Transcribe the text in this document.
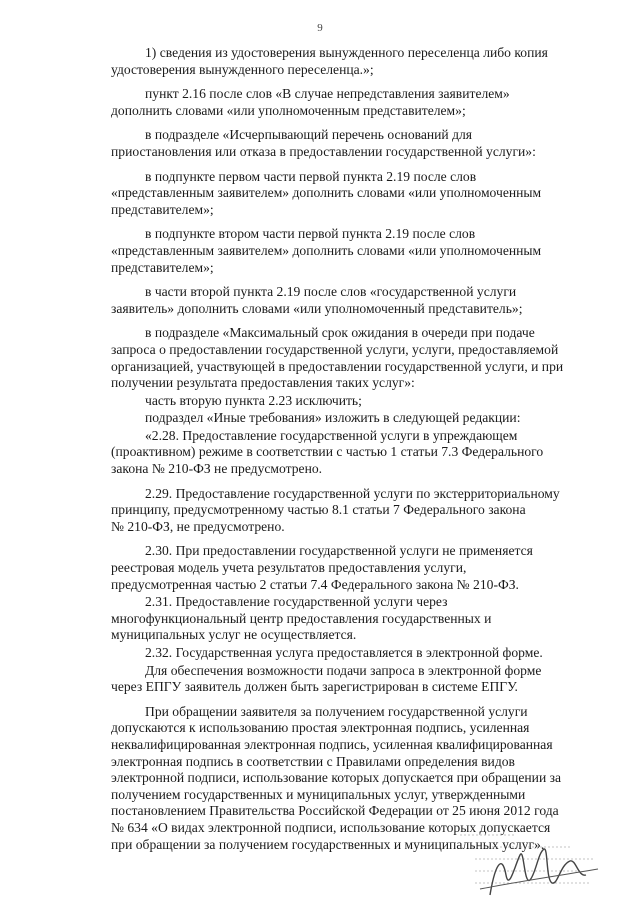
9

1) сведения из удостоверения вынужденного переселенца либо копия
удостоверения вынужденного переселенца.»;

пункт 2.16 после слов «В случае непредставления заявителем»
дополнить словами «или уполномоченным представителем»;

в подразделе «Исчерпывающий перечень оснований для
приостановления или отказа в предоставлении государственной услуги»:

в подпункте первом части первой пункта 2.19 после слов
«представленным заявителем» дополнить словами «или уполномоченным
представителем»;

в подпункте втором части первой пункта 2.19 после слов
«представленным заявителем» дополнить словами «или уполномоченным
представителем»;

в части второй пункта 2.19 после слов «государственной услуги
заявитель» дополнить словами «или уполномоченный представитель»;

в подразделе «Максимальный срок ожидания в очереди при подаче
запроса о предоставлении государственной услуги, услуги, предоставляемой
организацией, участвующей в предоставлении государственной услуги, и при
получении результата предоставления таких услуг»:

часть вторую пункта 2.23 исключить;

подраздел «Иные требования» изложить в следующей редакции:

«2.28. Предоставление государственной услуги в упреждающем
(проактивном) режиме в соответствии с частью 1 статьи 7.3 Федерального
закона № 210-ФЗ не предусмотрено.

2.29. Предоставление государственной услуги по экстерриториальному
принципу, предусмотренному частью 8.1 статьи 7 Федерального закона
№ 210-ФЗ, не предусмотрено.

2.30. При предоставлении государственной услуги не применяется
реестровая модель учета результатов предоставления услуги,
предусмотренная частью 2 статьи 7.4 Федерального закона № 210-ФЗ.

2.31. Предоставление государственной услуги через
многофункциональный центр предоставления государственных и
муниципальных услуг не осуществляется.

2.32. Государственная услуга предоставляется в электронной форме.

Для обеспечения возможности подачи запроса в электронной форме
через ЕПГУ заявитель должен быть зарегистрирован в системе ЕПГУ.

При обращении заявителя за получением государственной услуги
допускаются к использованию простая электронная подпись, усиленная
неквалифицированная электронная подпись, усиленная квалифицированная
электронная подпись в соответствии с Правилами определения видов
электронной подписи, использование которых допускается при обращении за
получением государственных и муниципальных услуг, утвержденными
постановлением Правительства Российской Федерации от 25 июня 2012 года
№ 634 «О видах электронной подписи, использование которых допускается
при обращении за получением государственных и муниципальных услуг».
